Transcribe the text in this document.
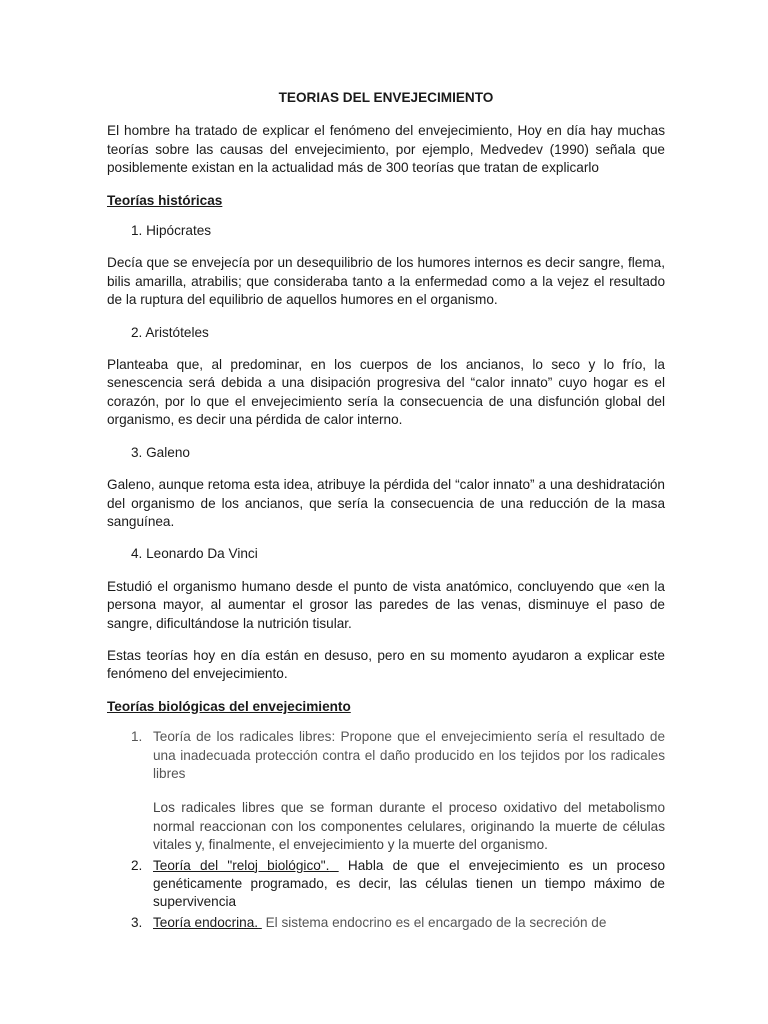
TEORIAS DEL ENVEJECIMIENTO

El hombre ha tratado de explicar el fenómeno del envejecimiento, Hoy en día hay muchas teorías sobre las causas del envejecimiento, por ejemplo, Medvedev (1990) señala que posiblemente existan en la actualidad más de 300 teorías que tratan de explicarlo

Teorías históricas
1. Hipócrates

Decía que se envejecía por un desequilibrio de los humores internos es decir sangre, flema, bilis amarilla, atrabilis; que consideraba tanto a la enfermedad como a la vejez el resultado de la ruptura del equilibrio de aquellos humores en el organismo.

2. Aristóteles

Planteaba que, al predominar, en los cuerpos de los ancianos, lo seco y lo frío, la senescencia será debida a una disipación progresiva del “calor innato” cuyo hogar es el corazón, por lo que el envejecimiento sería la consecuencia de una disfunción global del organismo, es decir una pérdida de calor interno.

3. Galeno

Galeno, aunque retoma esta idea, atribuye la pérdida del “calor innato” a una deshidratación del organismo de los ancianos, que sería la consecuencia de una reducción de la masa sanguínea.

4. Leonardo Da Vinci

Estudió el organismo humano desde el punto de vista anatómico, concluyendo que «en la persona mayor, al aumentar el grosor las paredes de las venas, disminuye el paso de sangre, dificultándose la nutrición tisular.

Estas teorías hoy en día están en desuso, pero en su momento ayudaron a explicar este fenómeno del envejecimiento.

Teorías biológicas del envejecimiento
1. Teoría de los radicales libres: Propone que el envejecimiento sería el resultado de una inadecuada protección contra el daño producido en los tejidos por los radicales libres
Los radicales libres que se forman durante el proceso oxidativo del metabolismo normal reaccionan con los componentes celulares, originando la muerte de células vitales y, finalmente, el envejecimiento y la muerte del organismo.
2. Teoría del "reloj biológico". Habla de que el envejecimiento es un proceso genéticamente programado, es decir, las células tienen un tiempo máximo de supervivencia
3. Teoría endocrina. El sistema endocrino es el encargado de la secreción de
